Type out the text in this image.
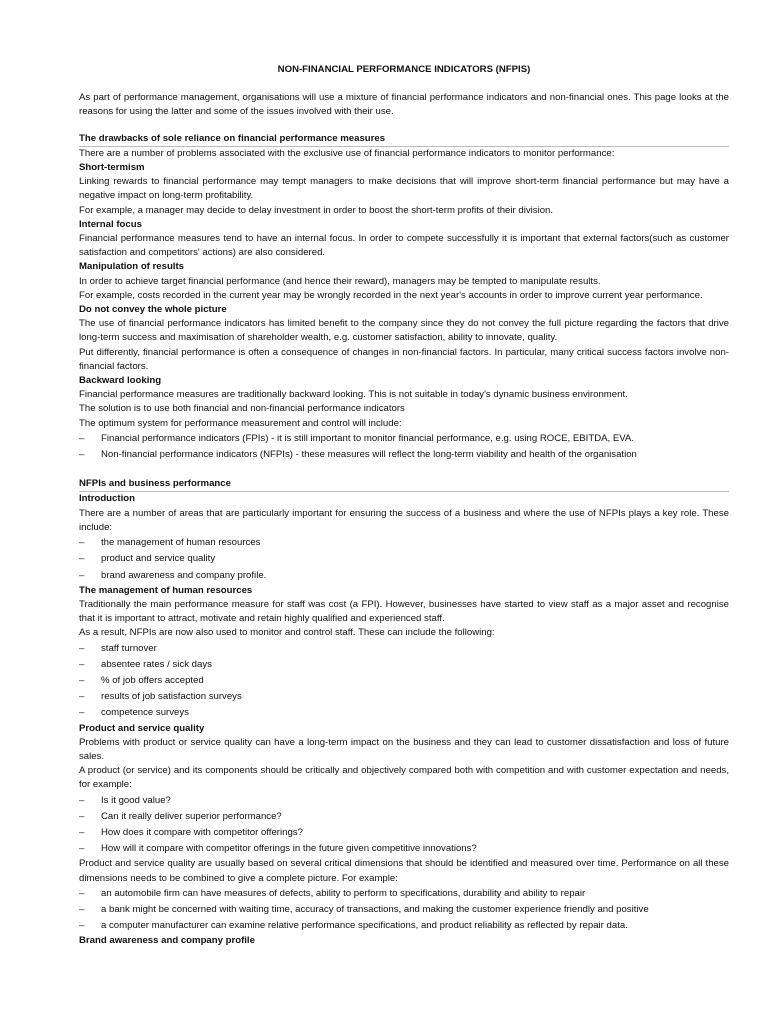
NON-FINANCIAL PERFORMANCE INDICATORS (NFPIS)

As part of performance management, organisations will use a mixture of financial performance indicators and non-financial ones. This page looks at the reasons for using the latter and some of the issues involved with their use.

The drawbacks of sole reliance on financial performance measures

There are a number of problems associated with the exclusive use of financial performance indicators to monitor performance:

Short-termism

Linking rewards to financial performance may tempt managers to make decisions that will improve short-term financial performance but may have a negative impact on long-term profitability.

For example, a manager may decide to delay investment in order to boost the short-term profits of their division.

Internal focus

Financial performance measures tend to have an internal focus. In order to compete successfully it is important that external factors(such as customer satisfaction and competitors' actions) are also considered.

Manipulation of results

In order to achieve target financial performance (and hence their reward), managers may be tempted to manipulate results.

For example, costs recorded in the current year may be wrongly recorded in the next year's accounts in order to improve current year performance.

Do not convey the whole picture

The use of financial performance indicators has limited benefit to the company since they do not convey the full picture regarding the factors that drive long-term success and maximisation of shareholder wealth, e.g. customer satisfaction, ability to innovate, quality.

Put differently, financial performance is often a consequence of changes in non-financial factors. In particular, many critical success factors involve non-financial factors.

Backward looking

Financial performance measures are traditionally backward looking. This is not suitable in today's dynamic business environment.

The solution is to use both financial and non-financial performance indicators

The optimum system for performance measurement and control will include:

– Financial performance indicators (FPIs) - it is still important to monitor financial performance, e.g. using ROCE, EBITDA, EVA.
– Non-financial performance indicators (NFPIs) - these measures will reflect the long-term viability and health of the organisation
NFPIs and business performance
Introduction

There are a number of areas that are particularly important for ensuring the success of a business and where the use of NFPIs plays a key role. These include:

– the management of human resources
– product and service quality
– brand awareness and company profile.
The management of human resources

Traditionally the main performance measure for staff was cost (a FPI). However, businesses have started to view staff as a major asset and recognise that it is important to attract, motivate and retain highly qualified and experienced staff.

As a result, NFPIs are now also used to monitor and control staff. These can include the following:

– staff turnover
– absentee rates / sick days
– % of job offers accepted
– results of job satisfaction surveys
– competence surveys
Product and service quality

Problems with product or service quality can have a long-term impact on the business and they can lead to customer dissatisfaction and loss of future sales.

A product (or service) and its components should be critically and objectively compared both with competition and with customer expectation and needs, for example:

– Is it good value?
– Can it really deliver superior performance?
– How does it compare with competitor offerings?
– How will it compare with competitor offerings in the future given competitive innovations?

Product and service quality are usually based on several critical dimensions that should be identified and measured over time. Performance on all these dimensions needs to be combined to give a complete picture. For example:

– an automobile firm can have measures of defects, ability to perform to specifications, durability and ability to repair
– a bank might be concerned with waiting time, accuracy of transactions, and making the customer experience friendly and positive
– a computer manufacturer can examine relative performance specifications, and product reliability as reflected by repair data.
Brand awareness and company profile
